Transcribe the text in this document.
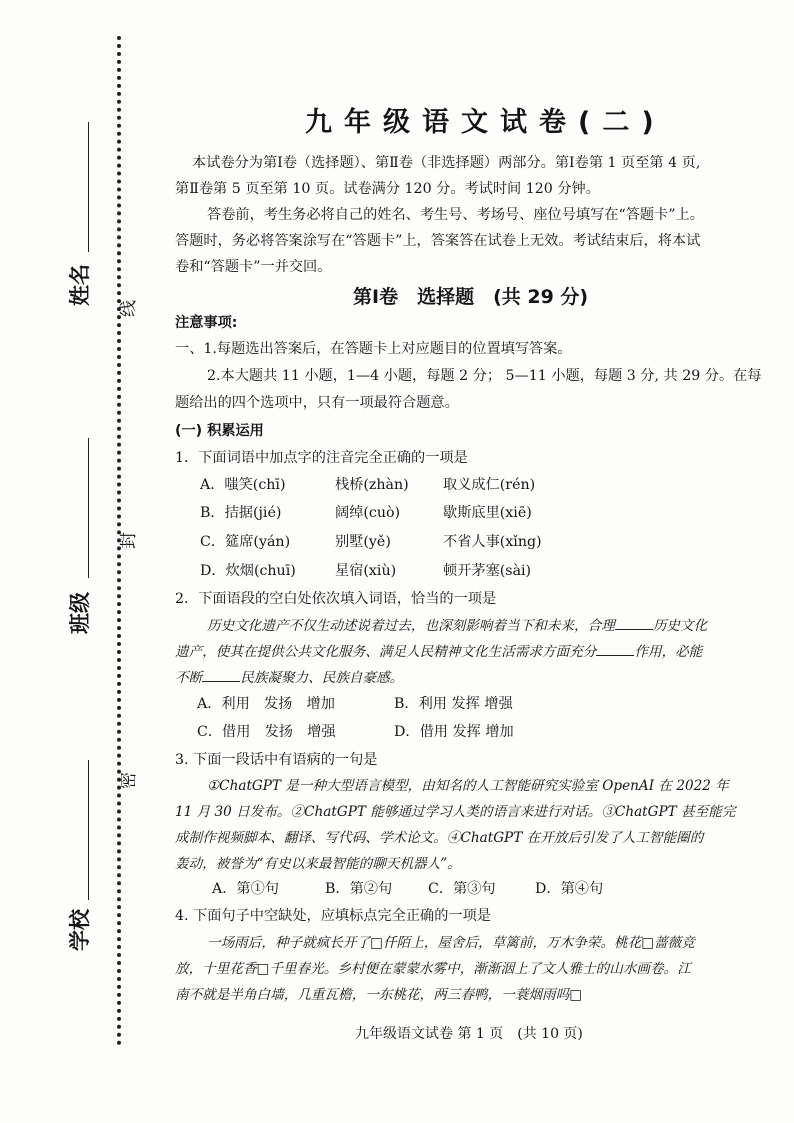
姓名
班级
学校
线
封
密
九年级语文试卷(二)
本试卷分为第Ⅰ卷（选择题）、第Ⅱ卷（非选择题）两部分。第Ⅰ卷第 1 页至第 4 页,
第Ⅱ卷第 5 页至第 10 页。试卷满分 120 分。考试时间 120 分钟。
答卷前，考生务必将自己的姓名、考生号、考场号、座位号填写在“答题卡”上。
答题时，务必将答案涂写在“答题卡”上，答案答在试卷上无效。考试结束后，将本试
卷和“答题卡”一并交回。
第Ⅰ卷　选择题　(共 29 分)
注意事项:
一、1.每题选出答案后，在答题卡上对应题目的位置填写答案。
2.本大题共 11 小题，1—4 小题，每题 2 分； 5—11 小题，每题 3 分, 共 29 分。在每
题给出的四个选项中，只有一项最符合题意。
(一) 积累运用
1．下面词语中加点字的注音完全正确的一项是
A．嗤笑(chī)	栈桥(zhàn) 取义成仁(rén)
B．拮据(jié)	阔绰(cuò)	歇斯底里(xiē)
C．筵席(yán)	别墅(yě)	不省人事(xǐng)
D．炊烟(chuī)	星宿(xiù)	顿开茅塞(sài)
2．下面语段的空白处依次填入词语，恰当的一项是
历史文化遗产不仅生动述说着过去，也深刻影响着当下和未来，合理	历史文化
遗产，使其在提供公共文化服务、满足人民精神文化生活需求方面充分	作用，必能
不断	民族凝聚力、民族自豪感。
A．利用　发扬　增加	B．利用 发挥 增强
C．借用　发扬　增强	D．借用 发挥 增加
3. 下面一段话中有语病的一句是
①ChatGPT 是一种大型语言模型，由知名的人工智能研究实验室 OpenAI 在 2022 年
11 月 30 日发布。②ChatGPT 能够通过学习人类的语言来进行对话。③ChatGPT 甚至能完
成制作视频脚本、翻译、写代码、学术论文。④ChatGPT 在开放后引发了人工智能圈的
轰动，被誉为“有史以来最智能的聊天机器人”。
A．第①句	B．第②句	C．第③句	D．第④句
4. 下面句子中空缺处，应填标点完全正确的一项是
一场雨后，种子就疯长开了□仟陌上，屋舍后，草篱前，万木争荣。桃花□蔷薇竞
放，十里花香□千里春光。乡村便在蒙蒙水雾中，渐渐洇上了文人雅士的山水画卷。江
南不就是半角白墙，几重瓦檐，一东桃花，两三春鸭，一蓑烟雨吗□
九年级语文试卷 第 1 页　(共 10 页)
